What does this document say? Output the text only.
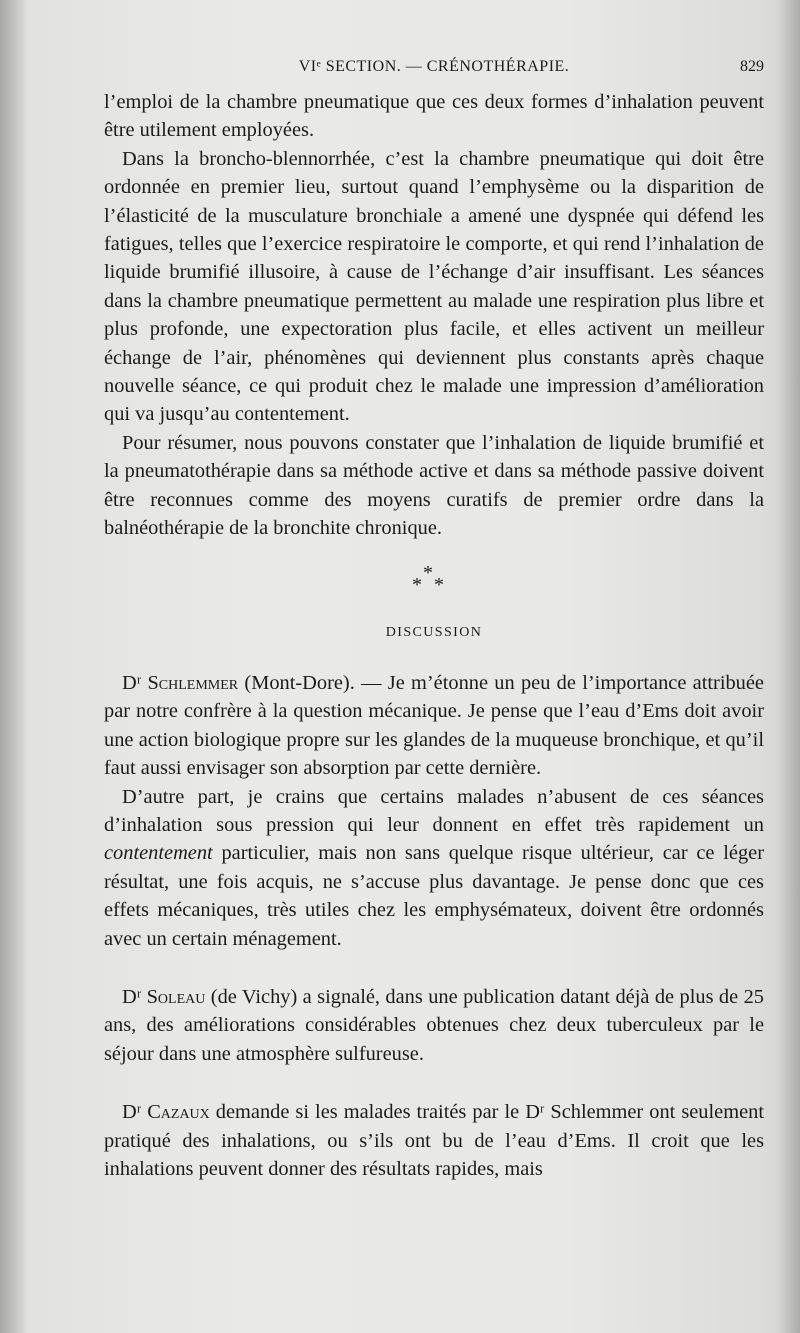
VIᵉ SECTION. — CRÉNOTHÉRAPIE.	829

l’emploi de la chambre pneumatique que ces deux formes d’inhalation peuvent être utilement employées.

Dans la broncho-blennorrhée, c’est la chambre pneumatique qui doit être ordonnée en premier lieu, surtout quand l’emphysème ou la disparition de l’élasticité de la musculature bronchiale a amené une dyspnée qui défend les fatigues, telles que l’exercice respiratoire le comporte, et qui rend l’inhalation de liquide brumifié illusoire, à cause de l’échange d’air insuffisant. Les séances dans la chambre pneumatique permettent au malade une respiration plus libre et plus profonde, une expectoration plus facile, et elles activent un meilleur échange de l’air, phénomènes qui deviennent plus constants après chaque nouvelle séance, ce qui produit chez le malade une impression d’amélioration qui va jusqu’au contentement.

Pour résumer, nous pouvons constater que l’inhalation de liquide brumifié et la pneumatothérapie dans sa méthode active et dans sa méthode passive doivent être reconnues comme des moyens curatifs de premier ordre dans la balnéothérapie de la bronchite chronique.

*
* *
DISCUSSION

Dʳ Schlemmer (Mont-Dore). — Je m’étonne un peu de l’importance attribuée par notre confrère à la question mécanique. Je pense que l’eau d’Ems doit avoir une action biologique propre sur les glandes de la muqueuse bronchique, et qu’il faut aussi envisager son absorption par cette dernière.

D’autre part, je crains que certains malades n’abusent de ces séances d’inhalation sous pression qui leur donnent en effet très rapidement un contentement particulier, mais non sans quelque risque ultérieur, car ce léger résultat, une fois acquis, ne s’accuse plus davantage. Je pense donc que ces effets mécaniques, très utiles chez les emphysémateux, doivent être ordonnés avec un certain ménagement.

Dʳ Soleau (de Vichy) a signalé, dans une publication datant déjà de plus de 25 ans, des améliorations considérables obtenues chez deux tuberculeux par le séjour dans une atmosphère sulfureuse.

Dʳ Cazaux demande si les malades traités par le Dʳ Schlemmer ont seulement pratiqué des inhalations, ou s’ils ont bu de l’eau d’Ems. Il croit que les inhalations peuvent donner des résultats rapides, mais
